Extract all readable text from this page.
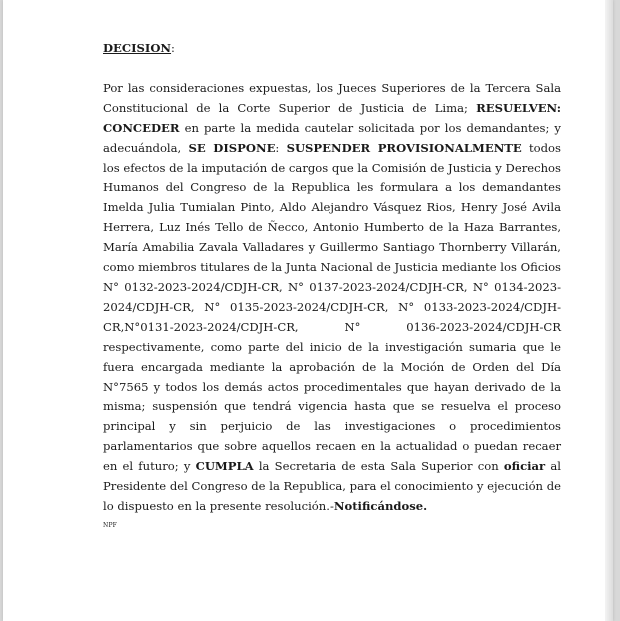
DECISION:

Por las consideraciones expuestas, los Jueces Superiores de la Tercera Sala Constitucional de la Corte Superior de Justicia de Lima; RESUELVEN: CONCEDER en parte la medida cautelar solicitada por los demandantes; y adecuándola, SE DISPONE: SUSPENDER PROVISIONALMENTE todos los efectos de la imputación de cargos que la Comisión de Justicia y Derechos Humanos del Congreso de la Republica les formulara a los demandantes Imelda Julia Tumialan Pinto, Aldo Alejandro Vásquez Rios, Henry José Avila Herrera, Luz Inés Tello de Ñecco, Antonio Humberto de la Haza Barrantes, María Amabilia Zavala Valladares y Guillermo Santiago Thornberry Villarán, como miembros titulares de la Junta Nacional de Justicia mediante los Oficios N° 0132-2023-2024/CDJH-CR, N° 0137-2023-2024/CDJH-CR, N° 0134-2023-2024/CDJH-CR, N° 0135-2023-2024/CDJH-CR, N° 0133-2023-2024/CDJH-CR,N°0131-2023-2024/CDJH-CR, N° 0136-2023-2024/CDJH-CR respectivamente, como parte del inicio de la investigación sumaria que le fuera encargada mediante la aprobación de la Moción de Orden del Día N°7565 y todos los demás actos procedimentales que hayan derivado de la misma; suspensión que tendrá vigencia hasta que se resuelva el proceso principal y sin perjuicio de las investigaciones o procedimientos parlamentarios que sobre aquellos recaen en la actualidad o puedan recaer en el futuro; y CUMPLA la Secretaria de esta Sala Superior con oficiar al Presidente del Congreso de la Republica, para el conocimiento y ejecución de lo dispuesto en la presente resolución.-Notificándose.

NPF
